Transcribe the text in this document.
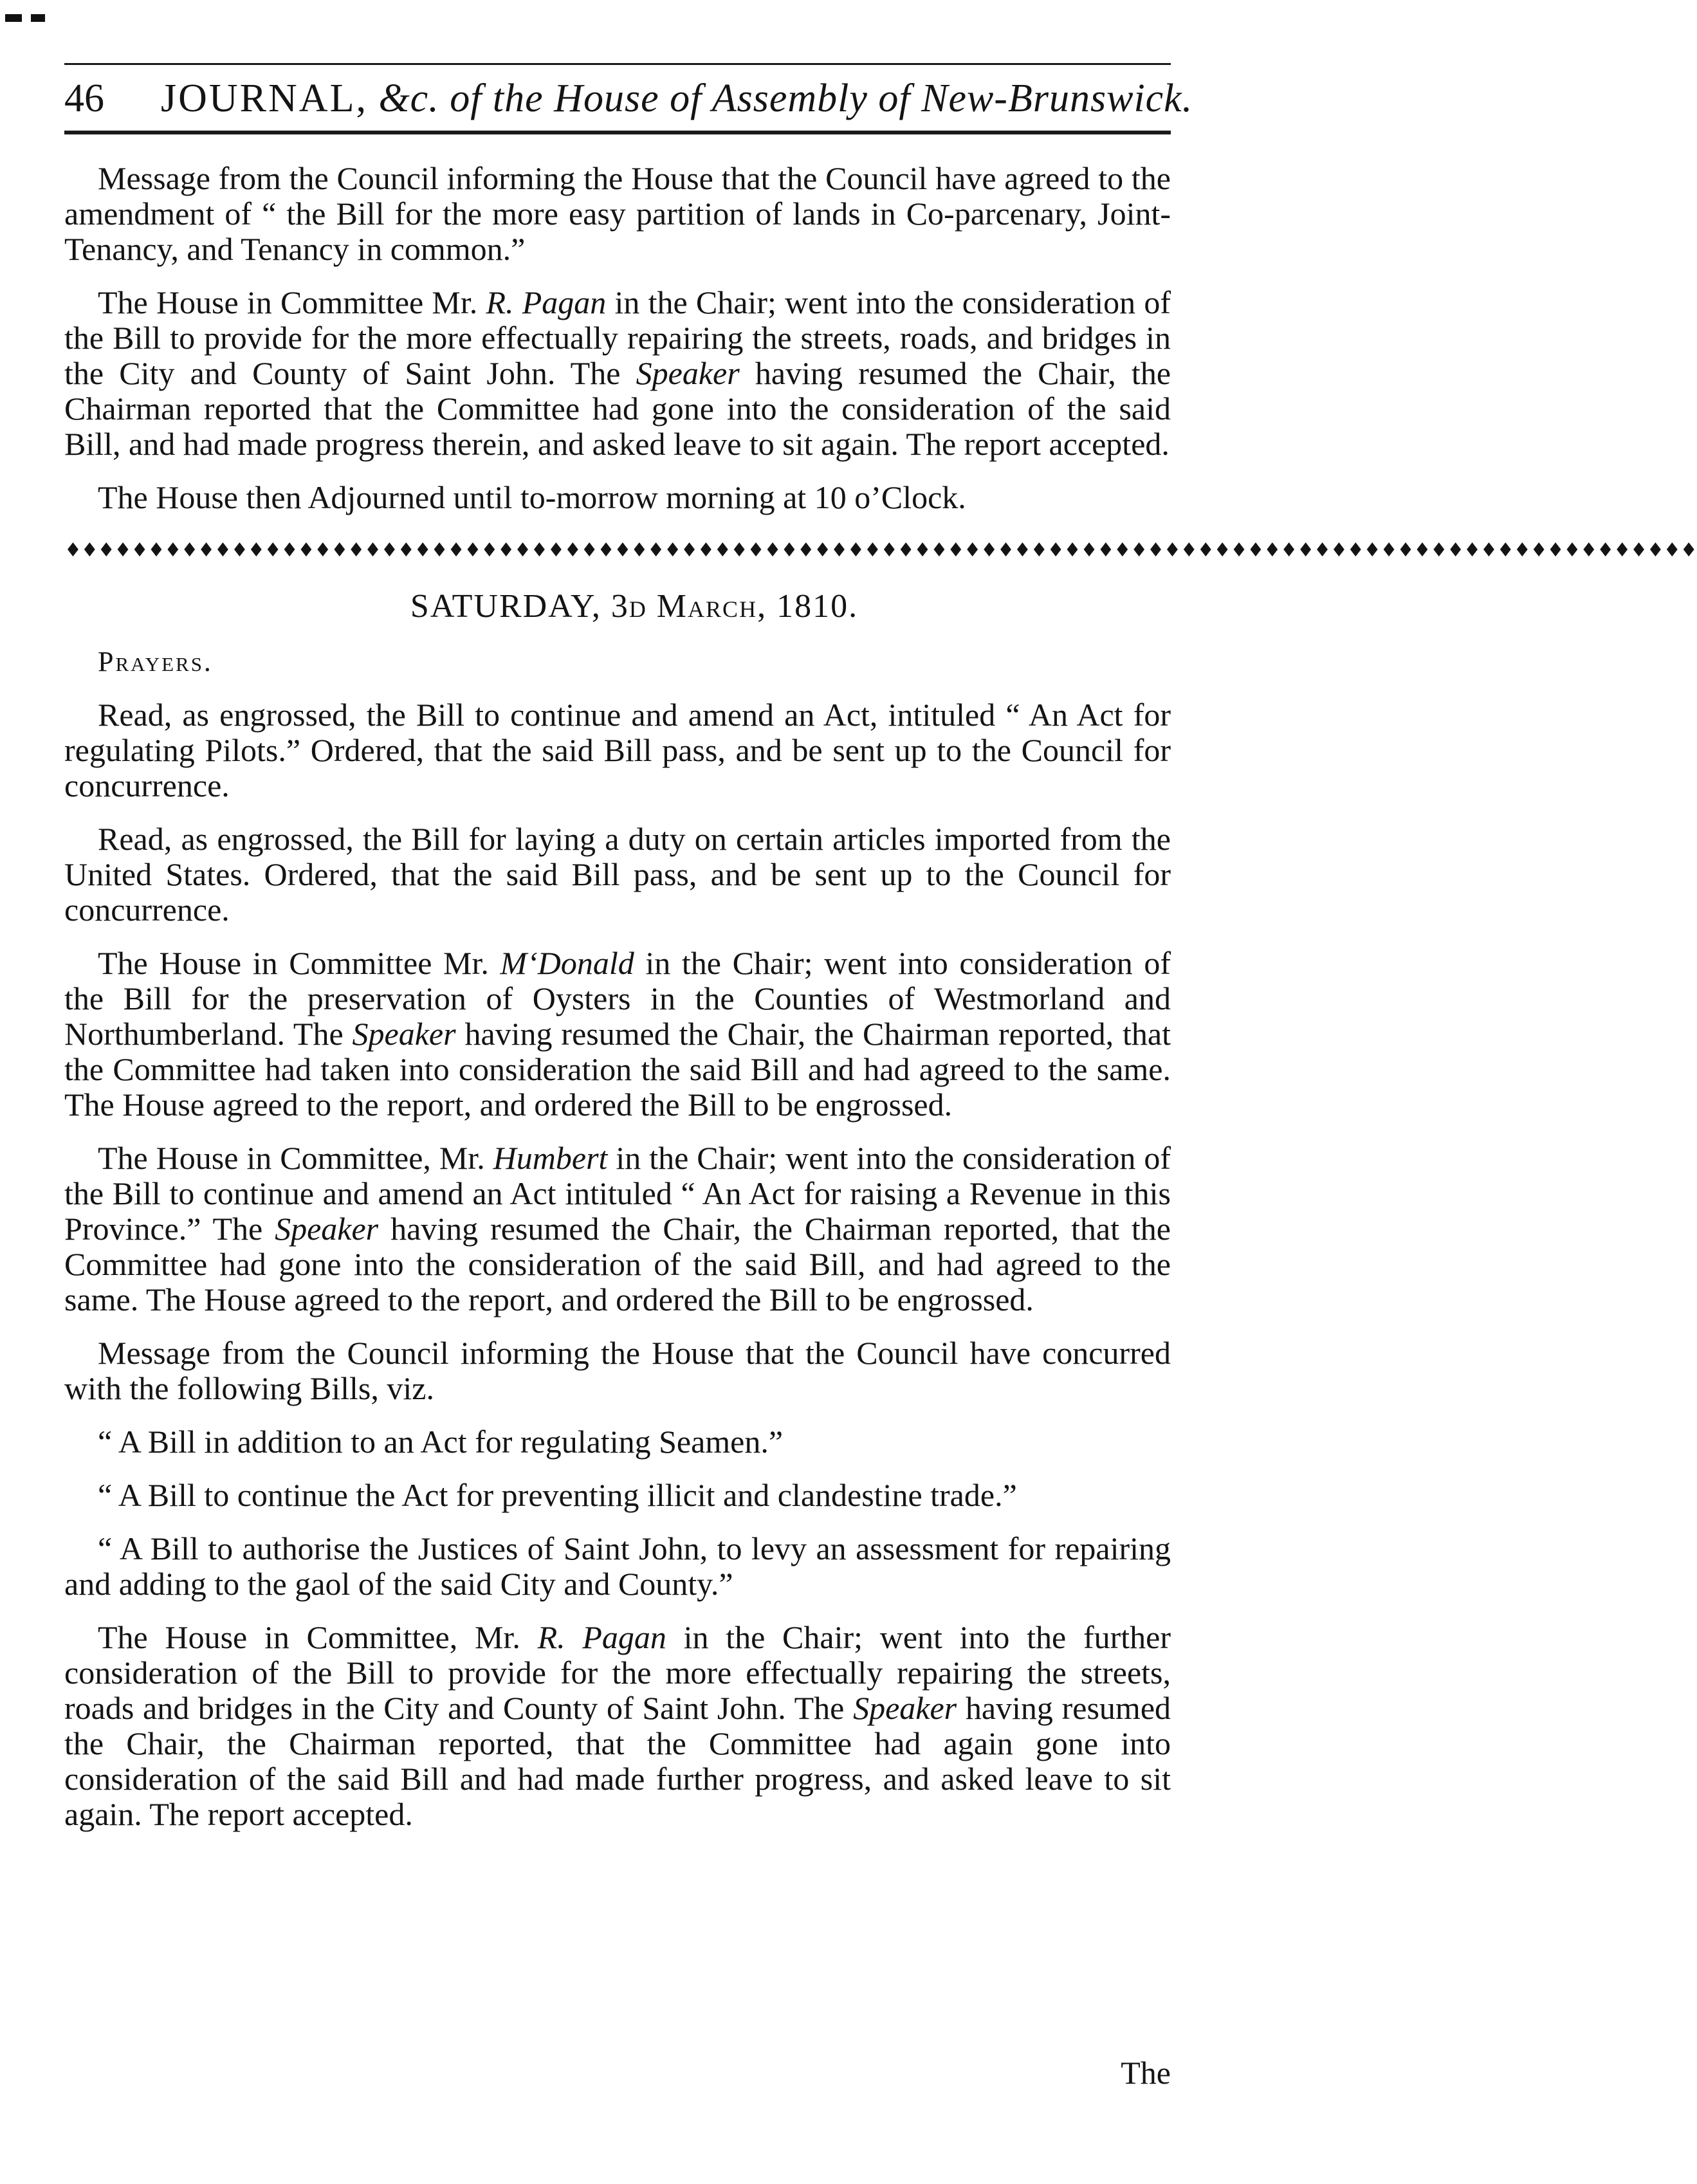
46 JOURNAL, &c. of the House of Assembly of New-Brunswick.

Message from the Council informing the House that the Council have agreed to the amendment of “ the Bill for the more easy partition of lands in Co-parcenary, Joint-Tenancy, and Tenancy in common.”

The House in Committee Mr. R. Pagan in the Chair; went into the consideration of the Bill to provide for the more effectually repairing the streets, roads, and bridges in the City and County of Saint John. The Speaker having resumed the Chair, the Chairman reported that the Committee had gone into the consideration of the said Bill, and had made progress therein, and asked leave to sit again. The report accepted.

The House then Adjourned until to-morrow morning at 10 o’Clock.

♦♦♦♦♦♦♦♦♦♦♦♦♦♦♦♦♦♦♦♦♦♦♦♦♦♦♦♦♦♦♦♦♦♦♦♦♦♦♦♦♦♦♦♦♦♦♦♦♦♦♦♦♦♦♦♦♦♦♦♦♦♦♦♦♦♦♦♦♦♦♦♦♦♦♦♦♦♦♦♦♦♦♦♦♦♦♦♦♦♦♦♦♦♦♦♦♦♦

SATURDAY, 3d March, 1810.

Prayers.

Read, as engrossed, the Bill to continue and amend an Act, intituled “ An Act for regulating Pilots.” Ordered, that the said Bill pass, and be sent up to the Council for concurrence.

Read, as engrossed, the Bill for laying a duty on certain articles imported from the United States. Ordered, that the said Bill pass, and be sent up to the Council for concurrence.

The House in Committee Mr. M‘Donald in the Chair; went into consideration of the Bill for the preservation of Oysters in the Counties of Westmorland and Northumberland. The Speaker having resumed the Chair, the Chairman reported, that the Committee had taken into consideration the said Bill and had agreed to the same. The House agreed to the report, and ordered the Bill to be engrossed.

The House in Committee, Mr. Humbert in the Chair; went into the consideration of the Bill to continue and amend an Act intituled “ An Act for raising a Revenue in this Province.” The Speaker having resumed the Chair, the Chairman reported, that the Committee had gone into the consideration of the said Bill, and had agreed to the same. The House agreed to the report, and ordered the Bill to be engrossed.

Message from the Council informing the House that the Council have concurred with the following Bills, viz.

“ A Bill in addition to an Act for regulating Seamen.”

“ A Bill to continue the Act for preventing illicit and clandestine trade.”

“ A Bill to authorise the Justices of Saint John, to levy an assessment for repairing and adding to the gaol of the said City and County.”

The House in Committee, Mr. R. Pagan in the Chair; went into the further consideration of the Bill to provide for the more effectually repairing the streets, roads and bridges in the City and County of Saint John. The Speaker having resumed the Chair, the Chairman reported, that the Committee had again gone into consideration of the said Bill and had made further progress, and asked leave to sit again. The report accepted.

The
